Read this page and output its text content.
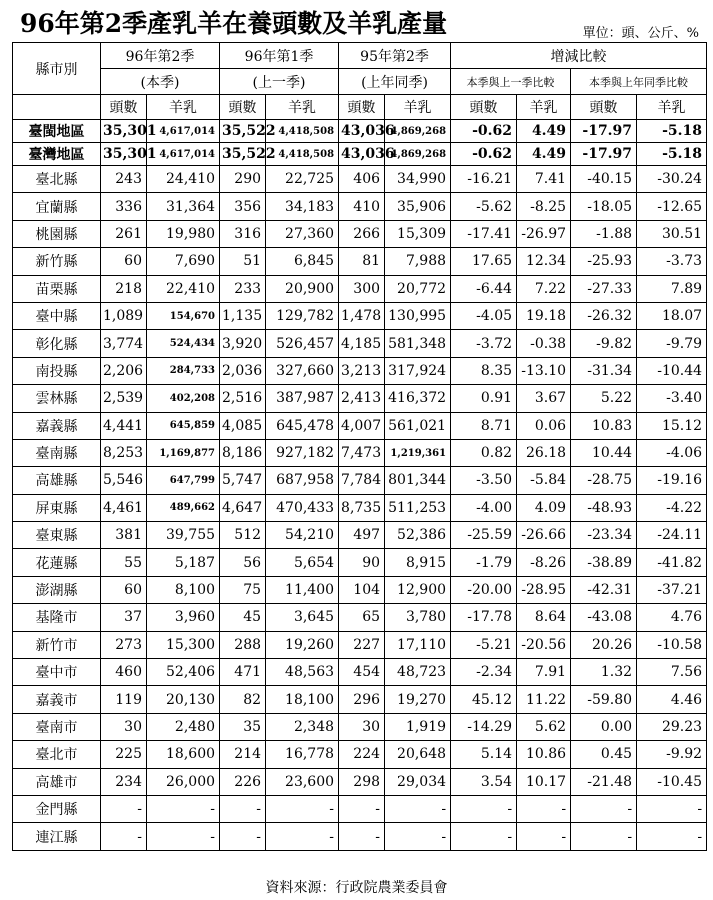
96年第2季產乳羊在養頭數及羊乳產量	單位：頭、公斤、%
縣市別	96年第2季		96年第1季		95年第2季		增減比較			
	(本季)		(上一季)		(上年同季)		本季與上一季比較		本季與上年同季比較	
	頭數	羊乳	頭數	羊乳	頭數	羊乳	頭數	羊乳	頭數	羊乳
臺閩地區	35,301	4,617,014	35,522	4,418,508	43,036	4,869,268	-0.62	4.49	-17.97	-5.18
臺灣地區	35,301	4,617,014	35,522	4,418,508	43,036	4,869,268	-0.62	4.49	-17.97	-5.18
臺北縣	243	24,410	290	22,725	406	34,990	-16.21	7.41	-40.15	-30.24
宜蘭縣	336	31,364	356	34,183	410	35,906	-5.62	-8.25	-18.05	-12.65
桃園縣	261	19,980	316	27,360	266	15,309	-17.41	-26.97	-1.88	30.51
新竹縣	60	7,690	51	6,845	81	7,988	17.65	12.34	-25.93	-3.73
苗栗縣	218	22,410	233	20,900	300	20,772	-6.44	7.22	-27.33	7.89
臺中縣	1,089	154,670	1,135	129,782	1,478	130,995	-4.05	19.18	-26.32	18.07
彰化縣	3,774	524,434	3,920	526,457	4,185	581,348	-3.72	-0.38	-9.82	-9.79
南投縣	2,206	284,733	2,036	327,660	3,213	317,924	8.35	-13.10	-31.34	-10.44
雲林縣	2,539	402,208	2,516	387,987	2,413	416,372	0.91	3.67	5.22	-3.40
嘉義縣	4,441	645,859	4,085	645,478	4,007	561,021	8.71	0.06	10.83	15.12
臺南縣	8,253	1,169,877	8,186	927,182	7,473	1,219,361	0.82	26.18	10.44	-4.06
高雄縣	5,546	647,799	5,747	687,958	7,784	801,344	-3.50	-5.84	-28.75	-19.16
屏東縣	4,461	489,662	4,647	470,433	8,735	511,253	-4.00	4.09	-48.93	-4.22
臺東縣	381	39,755	512	54,210	497	52,386	-25.59	-26.66	-23.34	-24.11
花蓮縣	55	5,187	56	5,654	90	8,915	-1.79	-8.26	-38.89	-41.82
澎湖縣	60	8,100	75	11,400	104	12,900	-20.00	-28.95	-42.31	-37.21
基隆市	37	3,960	45	3,645	65	3,780	-17.78	8.64	-43.08	4.76
新竹市	273	15,300	288	19,260	227	17,110	-5.21	-20.56	20.26	-10.58
臺中市	460	52,406	471	48,563	454	48,723	-2.34	7.91	1.32	7.56
嘉義市	119	20,130	82	18,100	296	19,270	45.12	11.22	-59.80	4.46
臺南市	30	2,480	35	2,348	30	1,919	-14.29	5.62	0.00	29.23
臺北市	225	18,600	214	16,778	224	20,648	5.14	10.86	0.45	-9.92
高雄市	234	26,000	226	23,600	298	29,034	3.54	10.17	-21.48	-10.45
金門縣	-	-	-	-	-	-	-	-	-	-
連江縣	-	-	-	-	-	-	-	-	-	-
資料來源：行政院農業委員會
